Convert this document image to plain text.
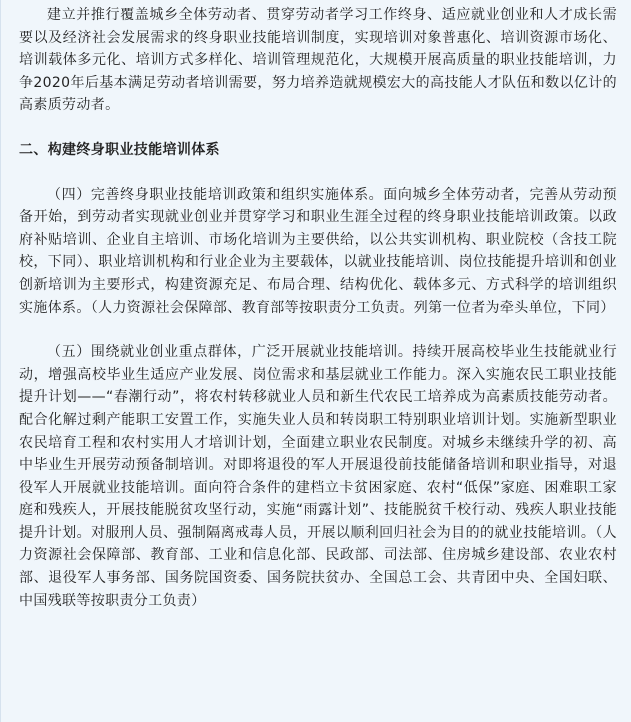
建立并推行覆盖城乡全体劳动者、贯穿劳动者学习工作终身、适应就业创业和人才成长需要以及经济社会发展需求的终身职业技能培训制度，实现培训对象普惠化、培训资源市场化、培训载体多元化、培训方式多样化、培训管理规范化，大规模开展高质量的职业技能培训，力争2020年后基本满足劳动者培训需要，努力培养造就规模宏大的高技能人才队伍和数以亿计的高素质劳动者。

二、构建终身职业技能培训体系

（四）完善终身职业技能培训政策和组织实施体系。面向城乡全体劳动者，完善从劳动预备开始，到劳动者实现就业创业并贯穿学习和职业生涯全过程的终身职业技能培训政策。以政府补贴培训、企业自主培训、市场化培训为主要供给，以公共实训机构、职业院校（含技工院校，下同）、职业培训机构和行业企业为主要载体，以就业技能培训、岗位技能提升培训和创业创新培训为主要形式，构建资源充足、布局合理、结构优化、载体多元、方式科学的培训组织实施体系。（人力资源社会保障部、教育部等按职责分工负责。列第一位者为牵头单位，下同）

（五）围绕就业创业重点群体，广泛开展就业技能培训。持续开展高校毕业生技能就业行动，增强高校毕业生适应产业发展、岗位需求和基层就业工作能力。深入实施农民工职业技能提升计划——“春潮行动”，将农村转移就业人员和新生代农民工培养成为高素质技能劳动者。配合化解过剩产能职工安置工作，实施失业人员和转岗职工特别职业培训计划。实施新型职业农民培育工程和农村实用人才培训计划，全面建立职业农民制度。对城乡未继续升学的初、高中毕业生开展劳动预备制培训。对即将退役的军人开展退役前技能储备培训和职业指导，对退役军人开展就业技能培训。面向符合条件的建档立卡贫困家庭、农村“低保”家庭、困难职工家庭和残疾人，开展技能脱贫攻坚行动，实施“雨露计划”、技能脱贫千校行动、残疾人职业技能提升计划。对服刑人员、强制隔离戒毒人员，开展以顺利回归社会为目的的就业技能培训。（人力资源社会保障部、教育部、工业和信息化部、民政部、司法部、住房城乡建设部、农业农村部、退役军人事务部、国务院国资委、国务院扶贫办、全国总工会、共青团中央、全国妇联、中国残联等按职责分工负责）
